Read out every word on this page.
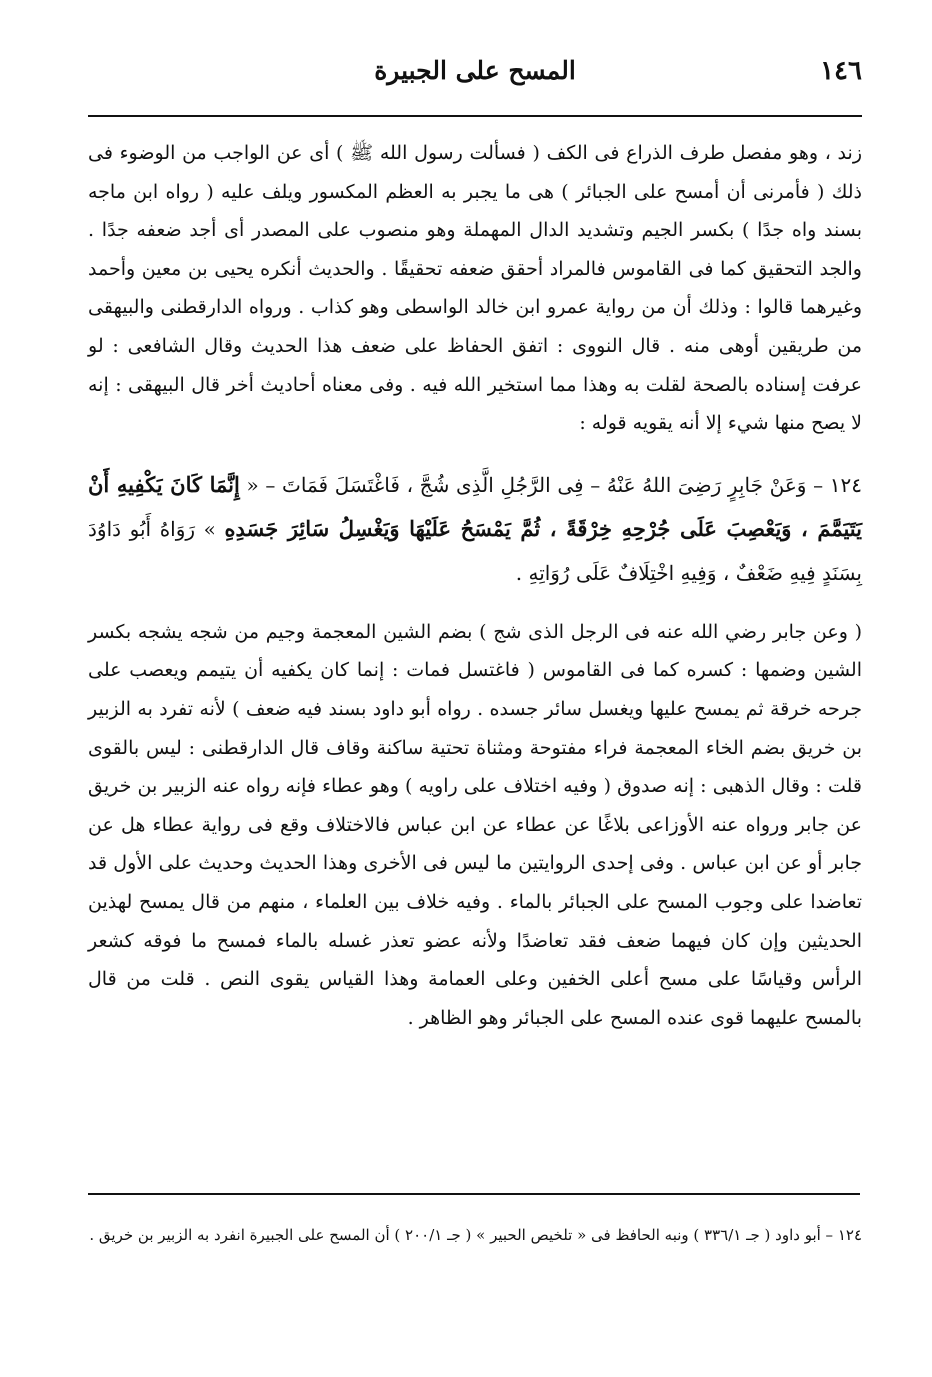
١٤٦
المسح على الجبيرة

زند ، وهو مفصل طرف الذراع فى الكف ( فسألت رسول الله ﷺ ) أى عن الواجب من الوضوء فى ذلك ( فأمرنى أن أمسح على الجبائر ) هى ما يجبر به العظم المكسور ويلف عليه ( رواه ابن ماجه بسند واه جدًا ) بكسر الجيم وتشديد الدال المهملة وهو منصوب على المصدر أى أجد ضعفه جدًا . والجد التحقيق كما فى القاموس فالمراد أحقق ضعفه تحقيقًا . والحديث أنكره يحيى بن معين وأحمد وغيرهما قالوا : وذلك أن من رواية عمرو ابن خالد الواسطى وهو كذاب . ورواه الدارقطنى والبيهقى من طريقين أوهى منه . قال النووى : اتفق الحفاظ على ضعف هذا الحديث وقال الشافعى : لو عرفت إسناده بالصحة لقلت به وهذا مما استخير الله فيه . وفى معناه أحاديث أخر قال البيهقى : إنه لا يصح منها شيء إلا أنه يقويه قوله :

١٢٤ – وَعَنْ جَابِرٍ رَضِىَ اللهُ عَنْهُ – فِى الرَّجُلِ الَّذِى شُجَّ ، فَاغْتَسَلَ فَمَاتَ – « إِنَّمَا كَانَ يَكْفِيهِ أَنْ يَتَيَمَّمَ ، وَيَعْصِبَ عَلَى جُرْحِهِ خِرْقَةً ، ثُمَّ يَمْسَحُ عَلَيْهَا وَيَغْسِلُ سَائِرَ جَسَدِهِ » رَوَاهُ أَبُو دَاوُدَ بِسَنَدٍ فِيهِ ضَعْفٌ ، وَفِيهِ اخْتِلَافٌ عَلَى رُوَاتِهِ .

( وعن جابر رضي الله عنه فى الرجل الذى شج ) بضم الشين المعجمة وجيم من شجه يشجه بكسر الشين وضمها : كسره كما فى القاموس ( فاغتسل فمات : إنما كان يكفيه أن يتيمم ويعصب على جرحه خرقة ثم يمسح عليها ويغسل سائر جسده . رواه أبو داود بسند فيه ضعف ) لأنه تفرد به الزبير بن خريق بضم الخاء المعجمة فراء مفتوحة ومثناة تحتية ساكنة وقاف قال الدارقطنى : ليس بالقوى قلت : وقال الذهبى : إنه صدوق ( وفيه اختلاف على راويه ) وهو عطاء فإنه رواه عنه الزبير بن خريق عن جابر ورواه عنه الأوزاعى بلاغًا عن عطاء عن ابن عباس فالاختلاف وقع فى رواية عطاء هل عن جابر أو عن ابن عباس . وفى إحدى الروايتين ما ليس فى الأخرى وهذا الحديث وحديث على الأول قد تعاضدا على وجوب المسح على الجبائر بالماء . وفيه خلاف بين العلماء ، منهم من قال يمسح لهذين الحديثين وإن كان فيهما ضعف فقد تعاضدًا ولأنه عضو تعذر غسله بالماء فمسح ما فوقه كشعر الرأس وقياسًا على مسح أعلى الخفين وعلى العمامة وهذا القياس يقوى النص . قلت من قال بالمسح عليهما قوى عنده المسح على الجبائر وهو الظاهر .

١٢٤ – أبو داود ( جـ ٣٣٦/١ ) ونبه الحافظ فى « تلخيص الحبير » ( جـ ٢٠٠/١ ) أن المسح على الجبيرة انفرد به الزبير بن خريق .
